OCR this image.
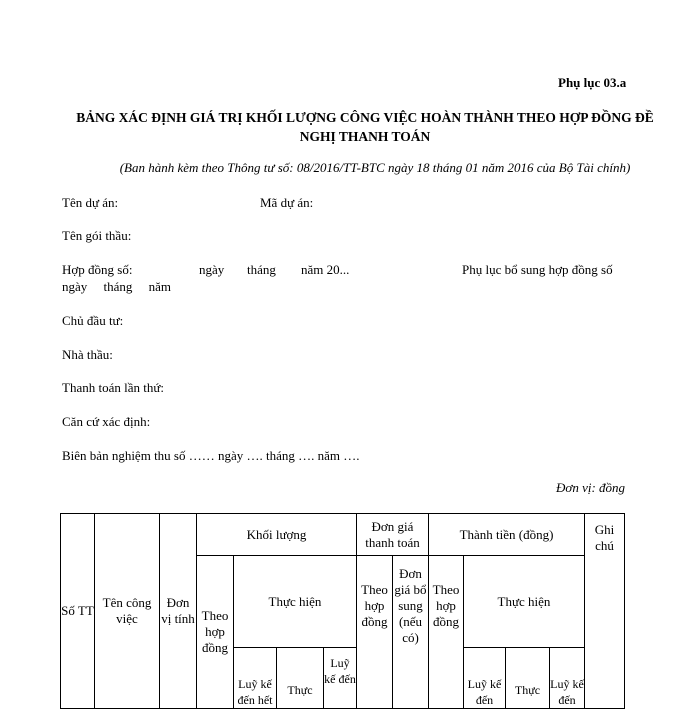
Phụ lục 03.a
BẢNG XÁC ĐỊNH GIÁ TRỊ KHỐI LƯỢNG CÔNG VIỆC HOÀN THÀNH THEO HỢP ĐỒNG ĐỀ NGHỊ THANH TOÁN
(Ban hành kèm theo Thông tư số: 08/2016/TT-BTC ngày 18 tháng 01 năm 2016 của Bộ Tài chính)
Tên dự án:	Mã dự án:
Tên gói thầu:
Hợp đồng số:	ngày tháng năm 20...	Phụ lục bổ sung hợp đồng số
ngày     tháng     năm
Chủ đầu tư:
Nhà thầu:
Thanh toán lần thứ:
Căn cứ xác định:
Biên bản nghiệm thu số …… ngày …. tháng …. năm ….
Đơn vị: đồng
Số TT	Tên công việc	Đơn vị tính	Khối lượng				Đơn giá thanh toán		Thành tiền (đồng)				Ghi chú
			Theo hợp đồng	Thực hiện			Theo hợp đồng	Đơn giá bổ sung (nếu có)	Theo hợp đồng	Thực hiện			
				Luỹ kế đến hết	Thực	Luỹ kế đến				Luỹ kế đến	Thực	Luỹ kế đến	
